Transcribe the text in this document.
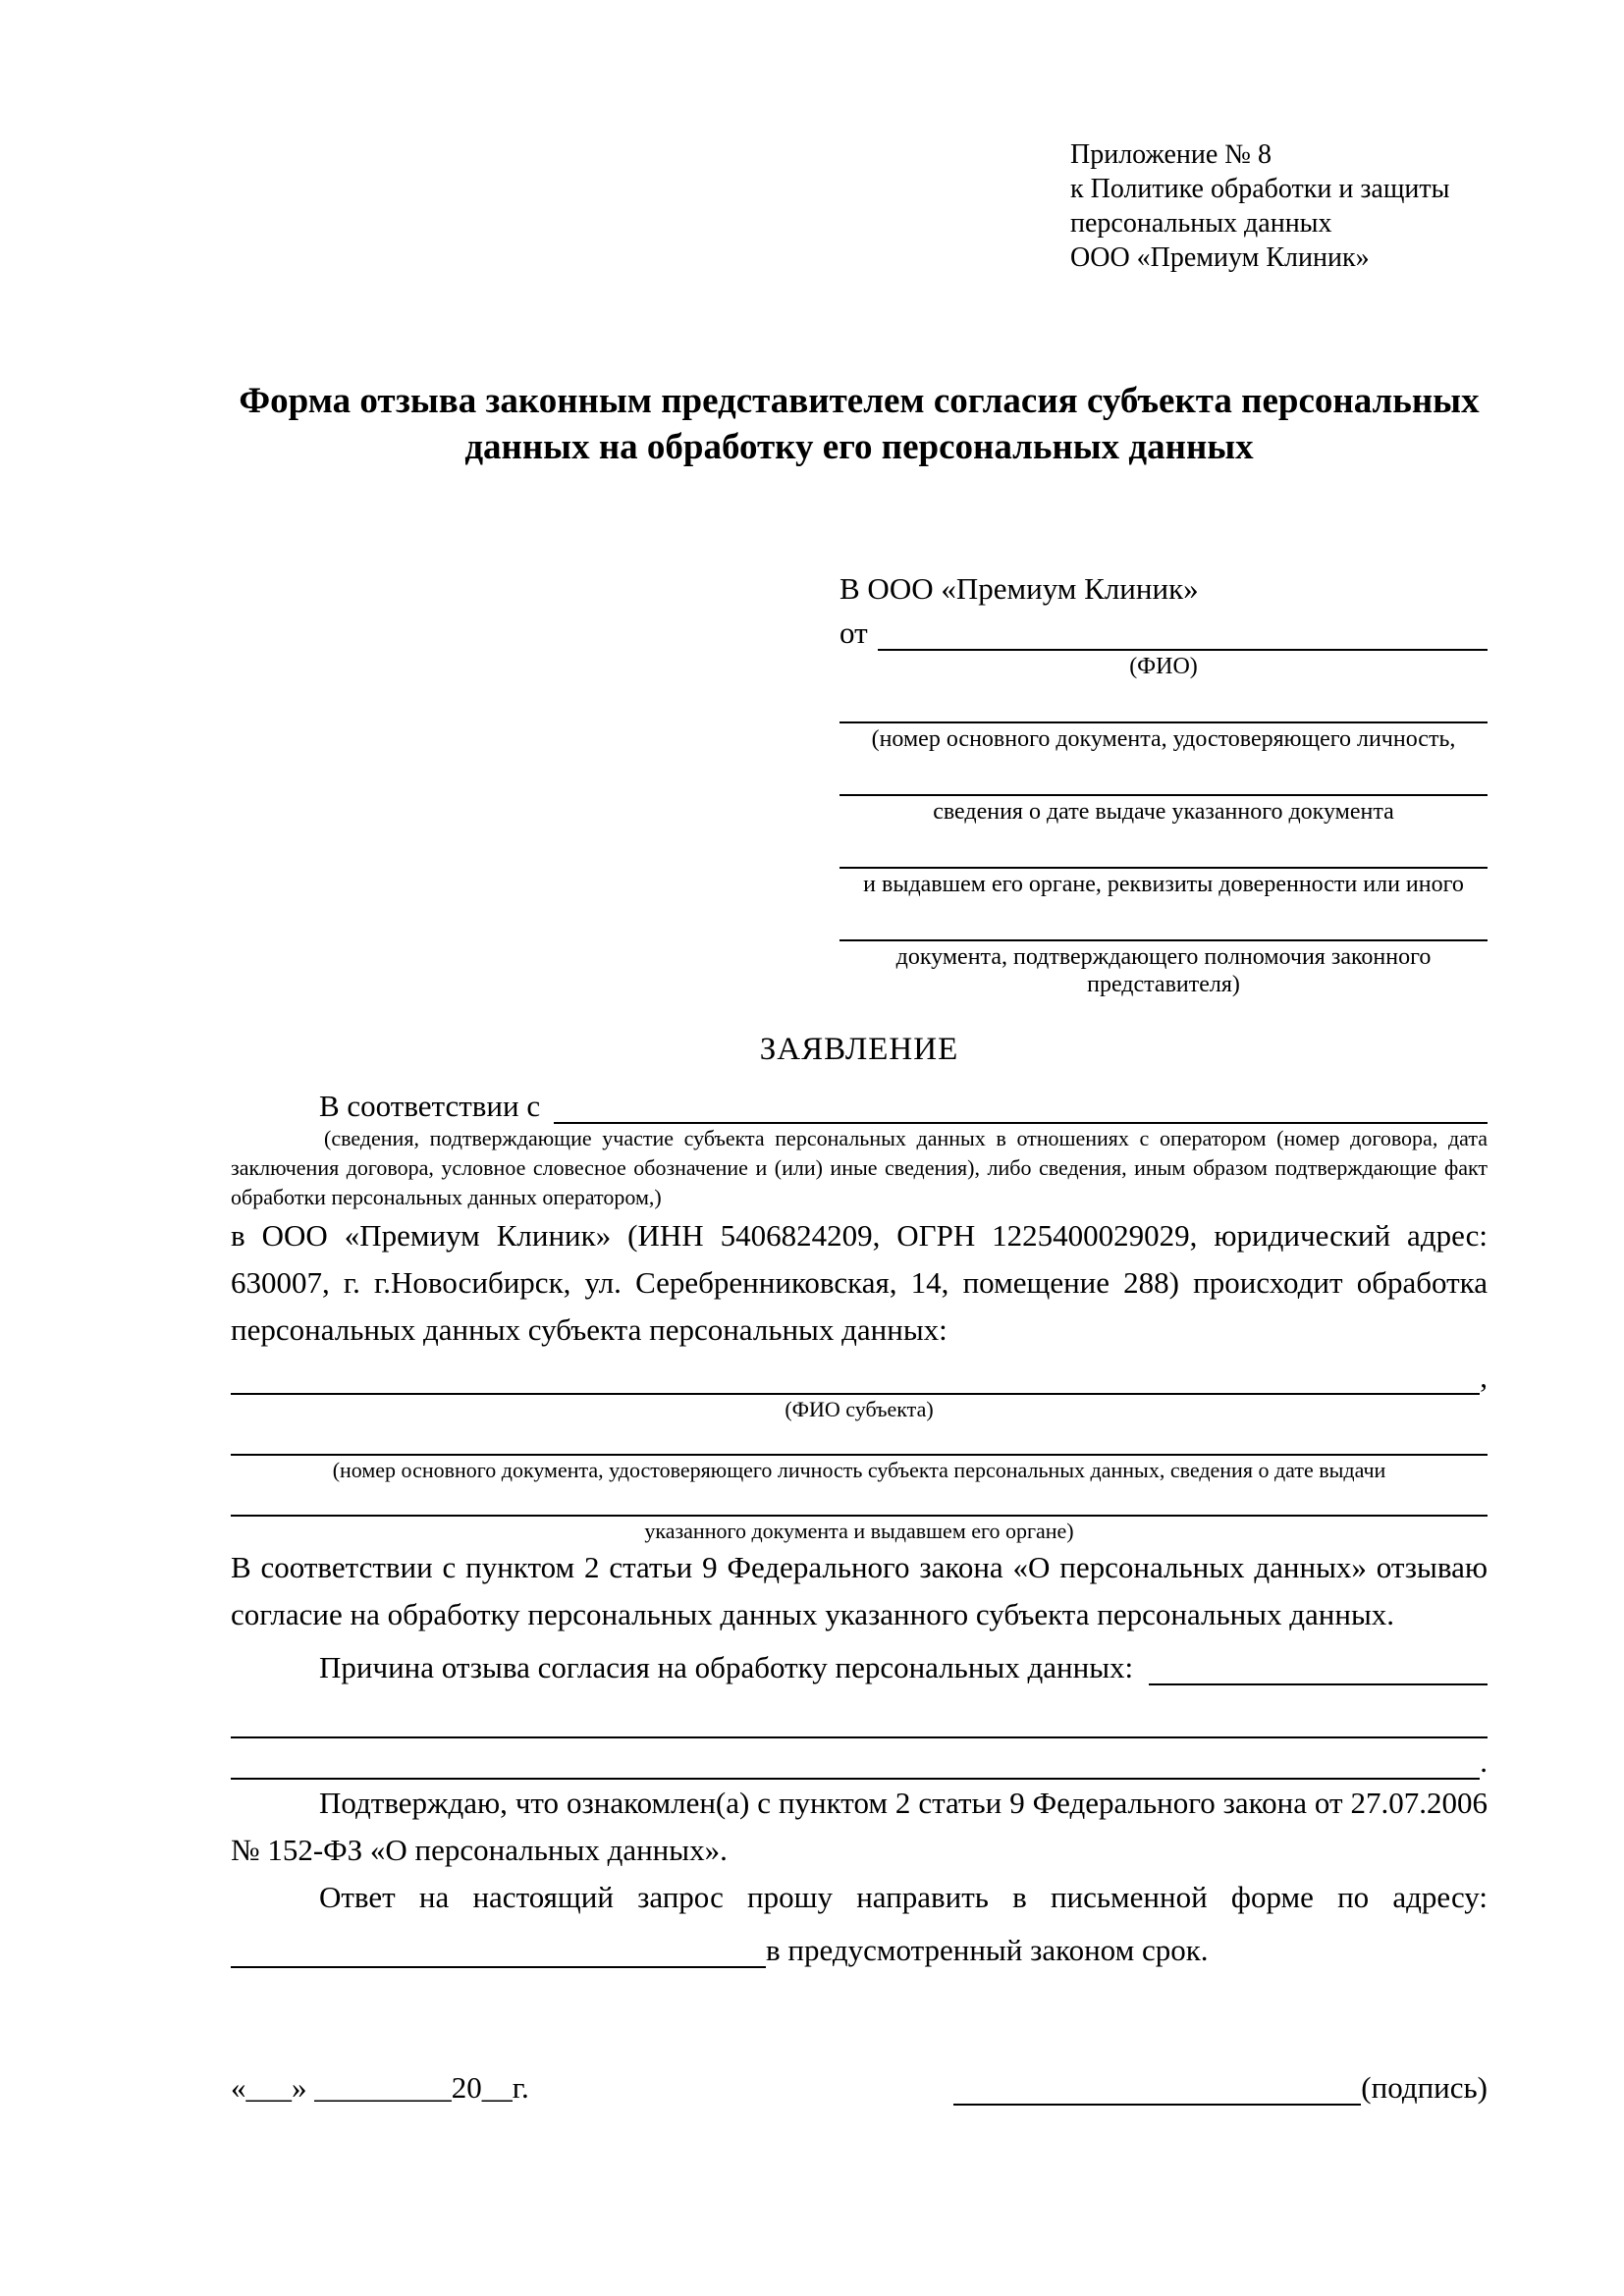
Приложение № 8
к Политике обработки и защиты
персональных данных
ООО «Премиум Клиник»
Форма отзыва законным представителем согласия субъекта персональных данных на обработку его персональных данных
В ООО «Премиум Клиник»
от
(ФИО)
(номер основного документа, удостоверяющего личность,
сведения о дате выдаче указанного документа
и выдавшем его органе, реквизиты доверенности или иного
документа, подтверждающего полномочия законного представителя)
ЗАЯВЛЕНИЕ
В соответствии с

(сведения, подтверждающие участие субъекта персональных данных в отношениях с оператором (номер договора, дата заключения договора, условное словесное обозначение и (или) иные сведения), либо сведения, иным образом подтверждающие факт обработки персональных данных оператором,)

в ООО «Премиум Клиник» (ИНН 5406824209, ОГРН 1225400029029, юридический адрес: 630007, г. г.Новосибирск, ул. Серебренниковская, 14, помещение 288) происходит обработка персональных данных субъекта персональных данных:

,
(ФИО субъекта)
(номер основного документа, удостоверяющего личность субъекта персональных данных, сведения о дате выдачи
указанного документа и выдавшем его органе)

В соответствии с пунктом 2 статьи 9 Федерального закона «О персональных данных» отзываю согласие на обработку персональных данных указанного субъекта персональных данных.

Причина отзыва согласия на обработку персональных данных:
.

Подтверждаю, что ознакомлен(а) с пунктом 2 статьи 9 Федерального закона от 27.07.2006 № 152-ФЗ «О персональных данных».

Ответ на настоящий запрос прошу направить в письменной форме по адресу:

в предусмотренный законом срок.
«___» _________20__г.	(подпись)
